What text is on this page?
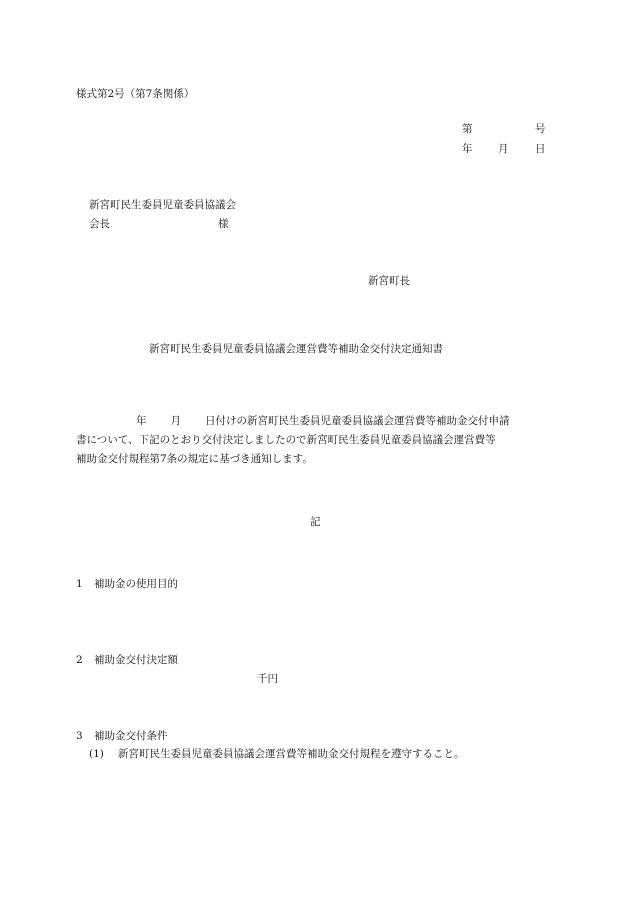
様式第2号（第7条関係）
第	号
年 月	日
新宮町民生委員児童委員協議会
会長	様
新宮町長
新宮町民生委員児童委員協議会運営費等補助金交付決定通知書
年 月 日付けの新宮町民生委員児童委員協議会運営費等補助金交付申請
書について、下記のとおり交付決定しましたので新宮町民生委員児童委員協議会運営費等
補助金交付規程第7条の規定に基づき通知します。
記
1 補助金の使用目的
2 補助金交付決定額
千円
3 補助金交付条件
(1) 新宮町民生委員児童委員協議会運営費等補助金交付規程を遵守すること。
